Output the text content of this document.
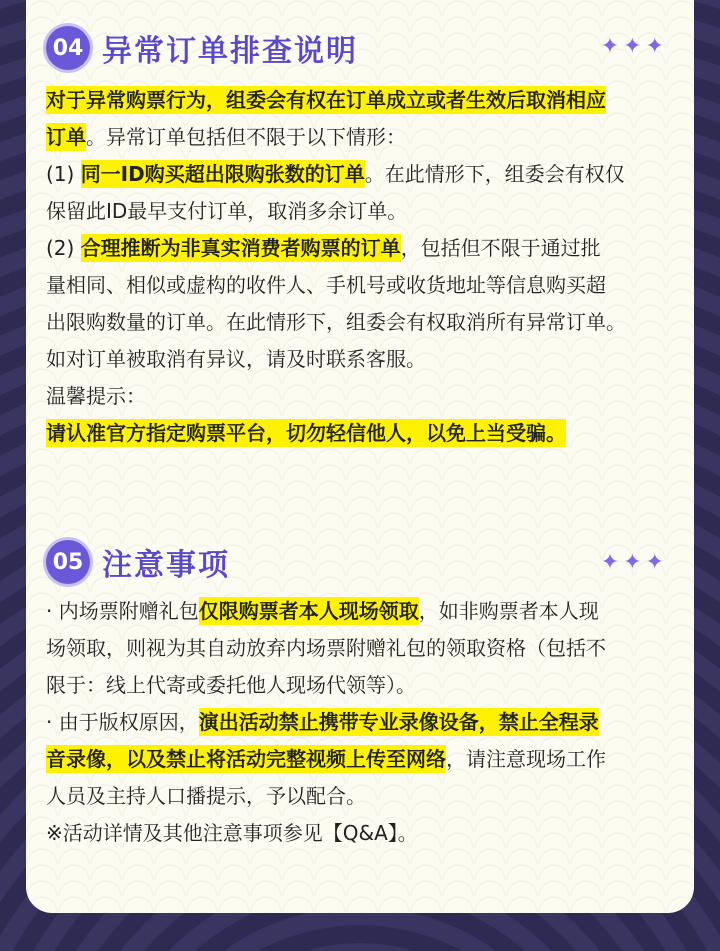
04 异常订单排查说明	✦✦✦
对于异常购票行为，组委会有权在订单成立或者生效后取消相应
订单。异常订单包括但不限于以下情形：
(1) 同一ID购买超出限购张数的订单。在此情形下，组委会有权仅
保留此ID最早支付订单，取消多余订单。
(2) 合理推断为非真实消费者购票的订单，包括但不限于通过批
量相同、相似或虚构的收件人、手机号或收货地址等信息购买超
出限购数量的订单。在此情形下，组委会有权取消所有异常订单。
如对订单被取消有异议，请及时联系客服。
温馨提示：
请认准官方指定购票平台，切勿轻信他人，以免上当受骗。
05 注意事项	✦✦✦
· 内场票附赠礼包仅限购票者本人现场领取，如非购票者本人现
场领取，则视为其自动放弃内场票附赠礼包的领取资格（包括不
限于：线上代寄或委托他人现场代领等）。
· 由于版权原因，演出活动禁止携带专业录像设备，禁止全程录
音录像，以及禁止将活动完整视频上传至网络，请注意现场工作
人员及主持人口播提示，予以配合。
※活动详情及其他注意事项参见【Q&A】。
